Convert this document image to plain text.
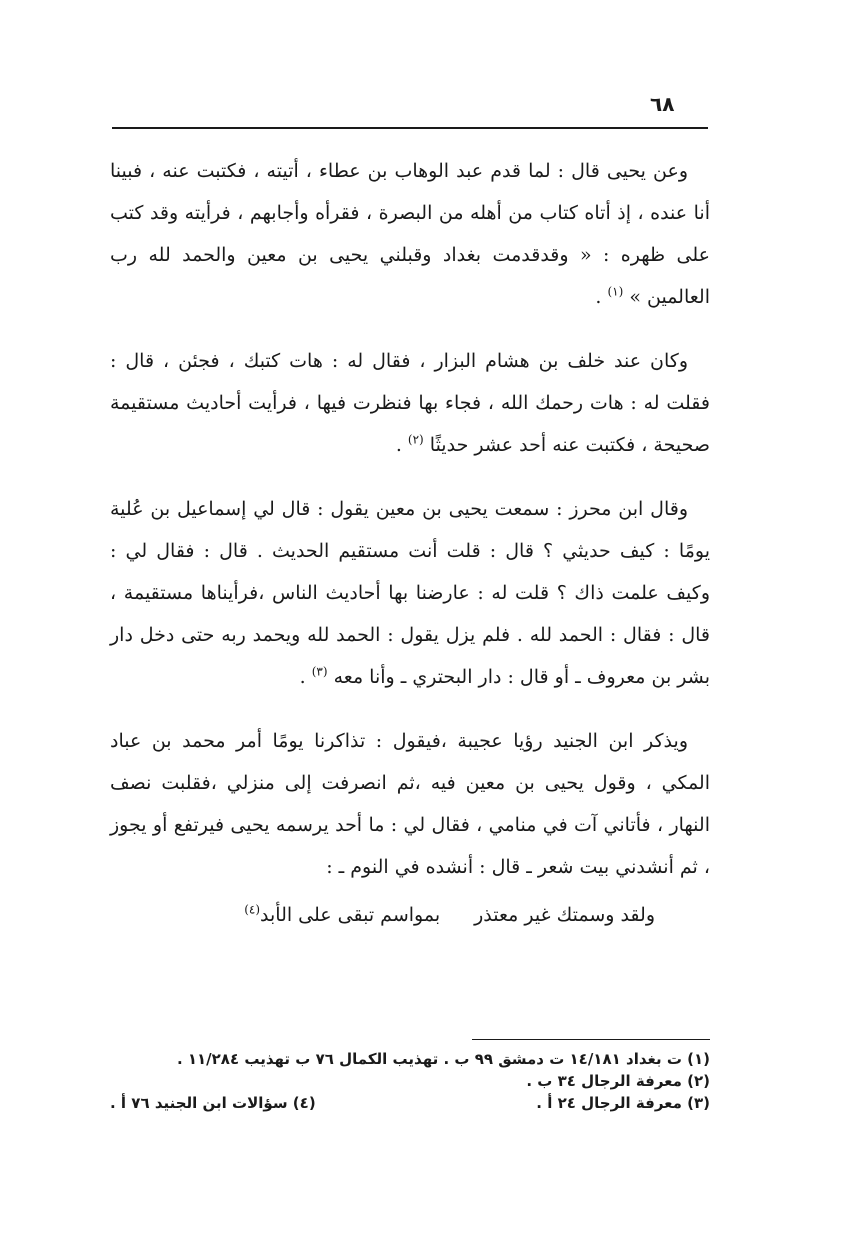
٦٨

وعن يحيى قال : لما قدم عبد الوهاب بن عطاء ، أتيته ، فكتبت عنه ، فبينا أنا عنده ، إذ أتاه كتاب من أهله من البصرة ، فقرأه وأجابهم ، فرأيته وقد كتب على ظهره : « وقدقدمت بغداد وقبلني يحيى بن معين والحمد لله رب العالمين » $^{(١)}$ .

وكان عند خلف بن هشام البزار ، فقال له : هات كتبك ، فجئن ، قال : فقلت له : هات رحمك الله ، فجاء بها فنظرت فيها ، فرأيت أحاديث مستقيمة صحيحة ، فكتبت عنه أحد عشر حديثًا $^{(٢)}$ .

وقال ابن محرز : سمعت يحيى بن معين يقول : قال لي إسماعيل بن عُلية يومًا : كيف حديثي ؟ قال : قلت أنت مستقيم الحديث . قال : فقال لي : وكيف علمت ذاك ؟ قلت له : عارضنا بها أحاديث الناس ،فرأيناها مستقيمة ، قال : فقال : الحمد لله . فلم يزل يقول : الحمد لله ويحمد ربه حتى دخل دار بشر بن معروف ـ أو قال : دار البحتري ـ وأنا معه $^{(٣)}$ .

ويذكر ابن الجنيد رؤيا عجيبة ،فيقول : تذاكرنا يومًا أمر محمد بن عباد المكي ، وقول يحيى بن معين فيه ،ثم انصرفت إلى منزلي ،فقلبت نصف النهار ، فأتاني آت في منامي ، فقال لي : ما أحد يرسمه يحيى فيرتفع أو يجوز ، ثم أنشدني بيت شعر ـ قال : أنشده في النوم ـ :

ولقد وسمتك غير معتذربمواسم تبقى على الأبد$^{(٤)}$

(١) ت بغداد ١٤/١٨١ ت دمشق ٩٩ ب . تهذيب الكمال ٧٦ ب تهذيب ١١/٢٨٤ .

(٢) معرفة الرجال ٣٤ ب .

(٣) معرفة الرجال ٢٤ أ .
(٤) سؤالات ابن الجنيد ٧٦ أ .
